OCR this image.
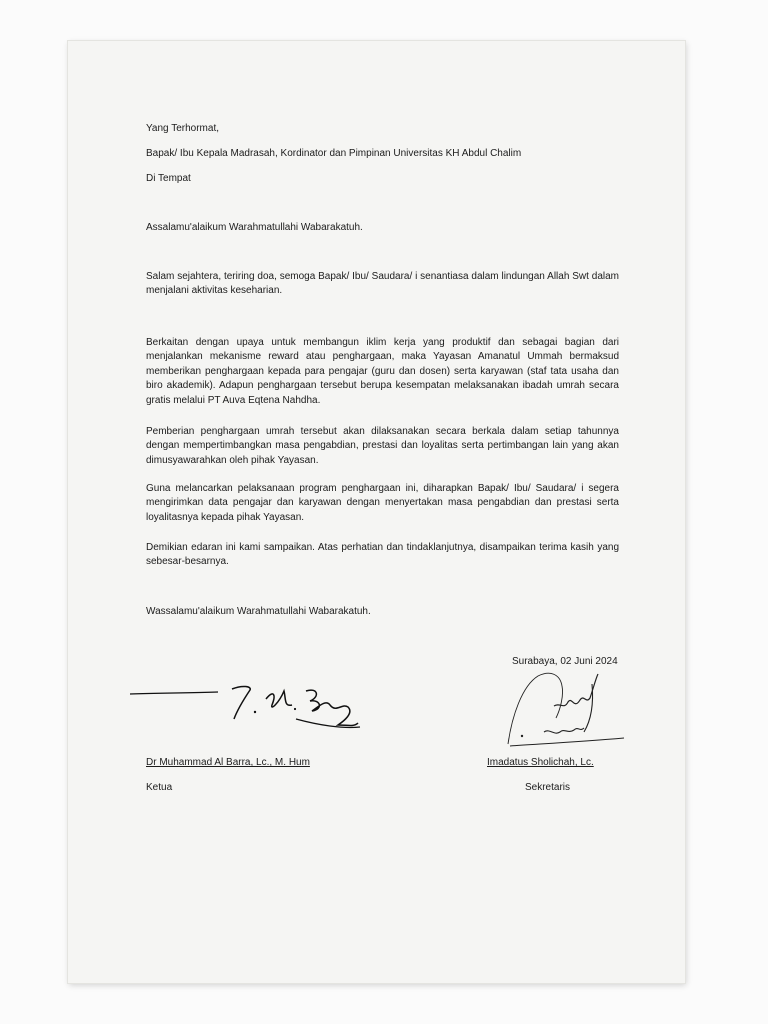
Yang Terhormat,
Bapak/ Ibu Kepala Madrasah, Kordinator dan Pimpinan Universitas KH Abdul Chalim
Di Tempat
Assalamu'alaikum Warahmatullahi Wabarakatuh.

Salam sejahtera, teriring doa, semoga Bapak/ Ibu/ Saudara/ i senantiasa dalam lindungan Allah Swt dalam menjalani aktivitas keseharian.

Berkaitan dengan upaya untuk membangun iklim kerja yang produktif dan sebagai bagian dari menjalankan mekanisme reward atau penghargaan, maka Yayasan Amanatul Ummah bermaksud memberikan penghargaan kepada para pengajar (guru dan dosen) serta karyawan (staf tata usaha dan biro akademik). Adapun penghargaan tersebut berupa kesempatan melaksanakan ibadah umrah secara gratis melalui PT Auva Eqtena Nahdha.

Pemberian penghargaan umrah tersebut akan dilaksanakan secara berkala dalam setiap tahunnya dengan mempertimbangkan masa pengabdian, prestasi dan loyalitas serta pertimbangan lain yang akan dimusyawarahkan oleh pihak Yayasan.

Guna melancarkan pelaksanaan program penghargaan ini, diharapkan Bapak/ Ibu/ Saudara/ i segera mengirimkan data pengajar dan karyawan dengan menyertakan masa pengabdian dan prestasi serta loyalitasnya kepada pihak Yayasan.

Demikian edaran ini kami sampaikan. Atas perhatian dan tindaklanjutnya, disampaikan terima kasih yang sebesar-besarnya.

Wassalamu'alaikum Warahmatullahi Wabarakatuh.
Surabaya, 02 Juni 2024
Dr Muhammad Al Barra, Lc., M. Hum
Ketua
Imadatus Sholichah, Lc.
Sekretaris
